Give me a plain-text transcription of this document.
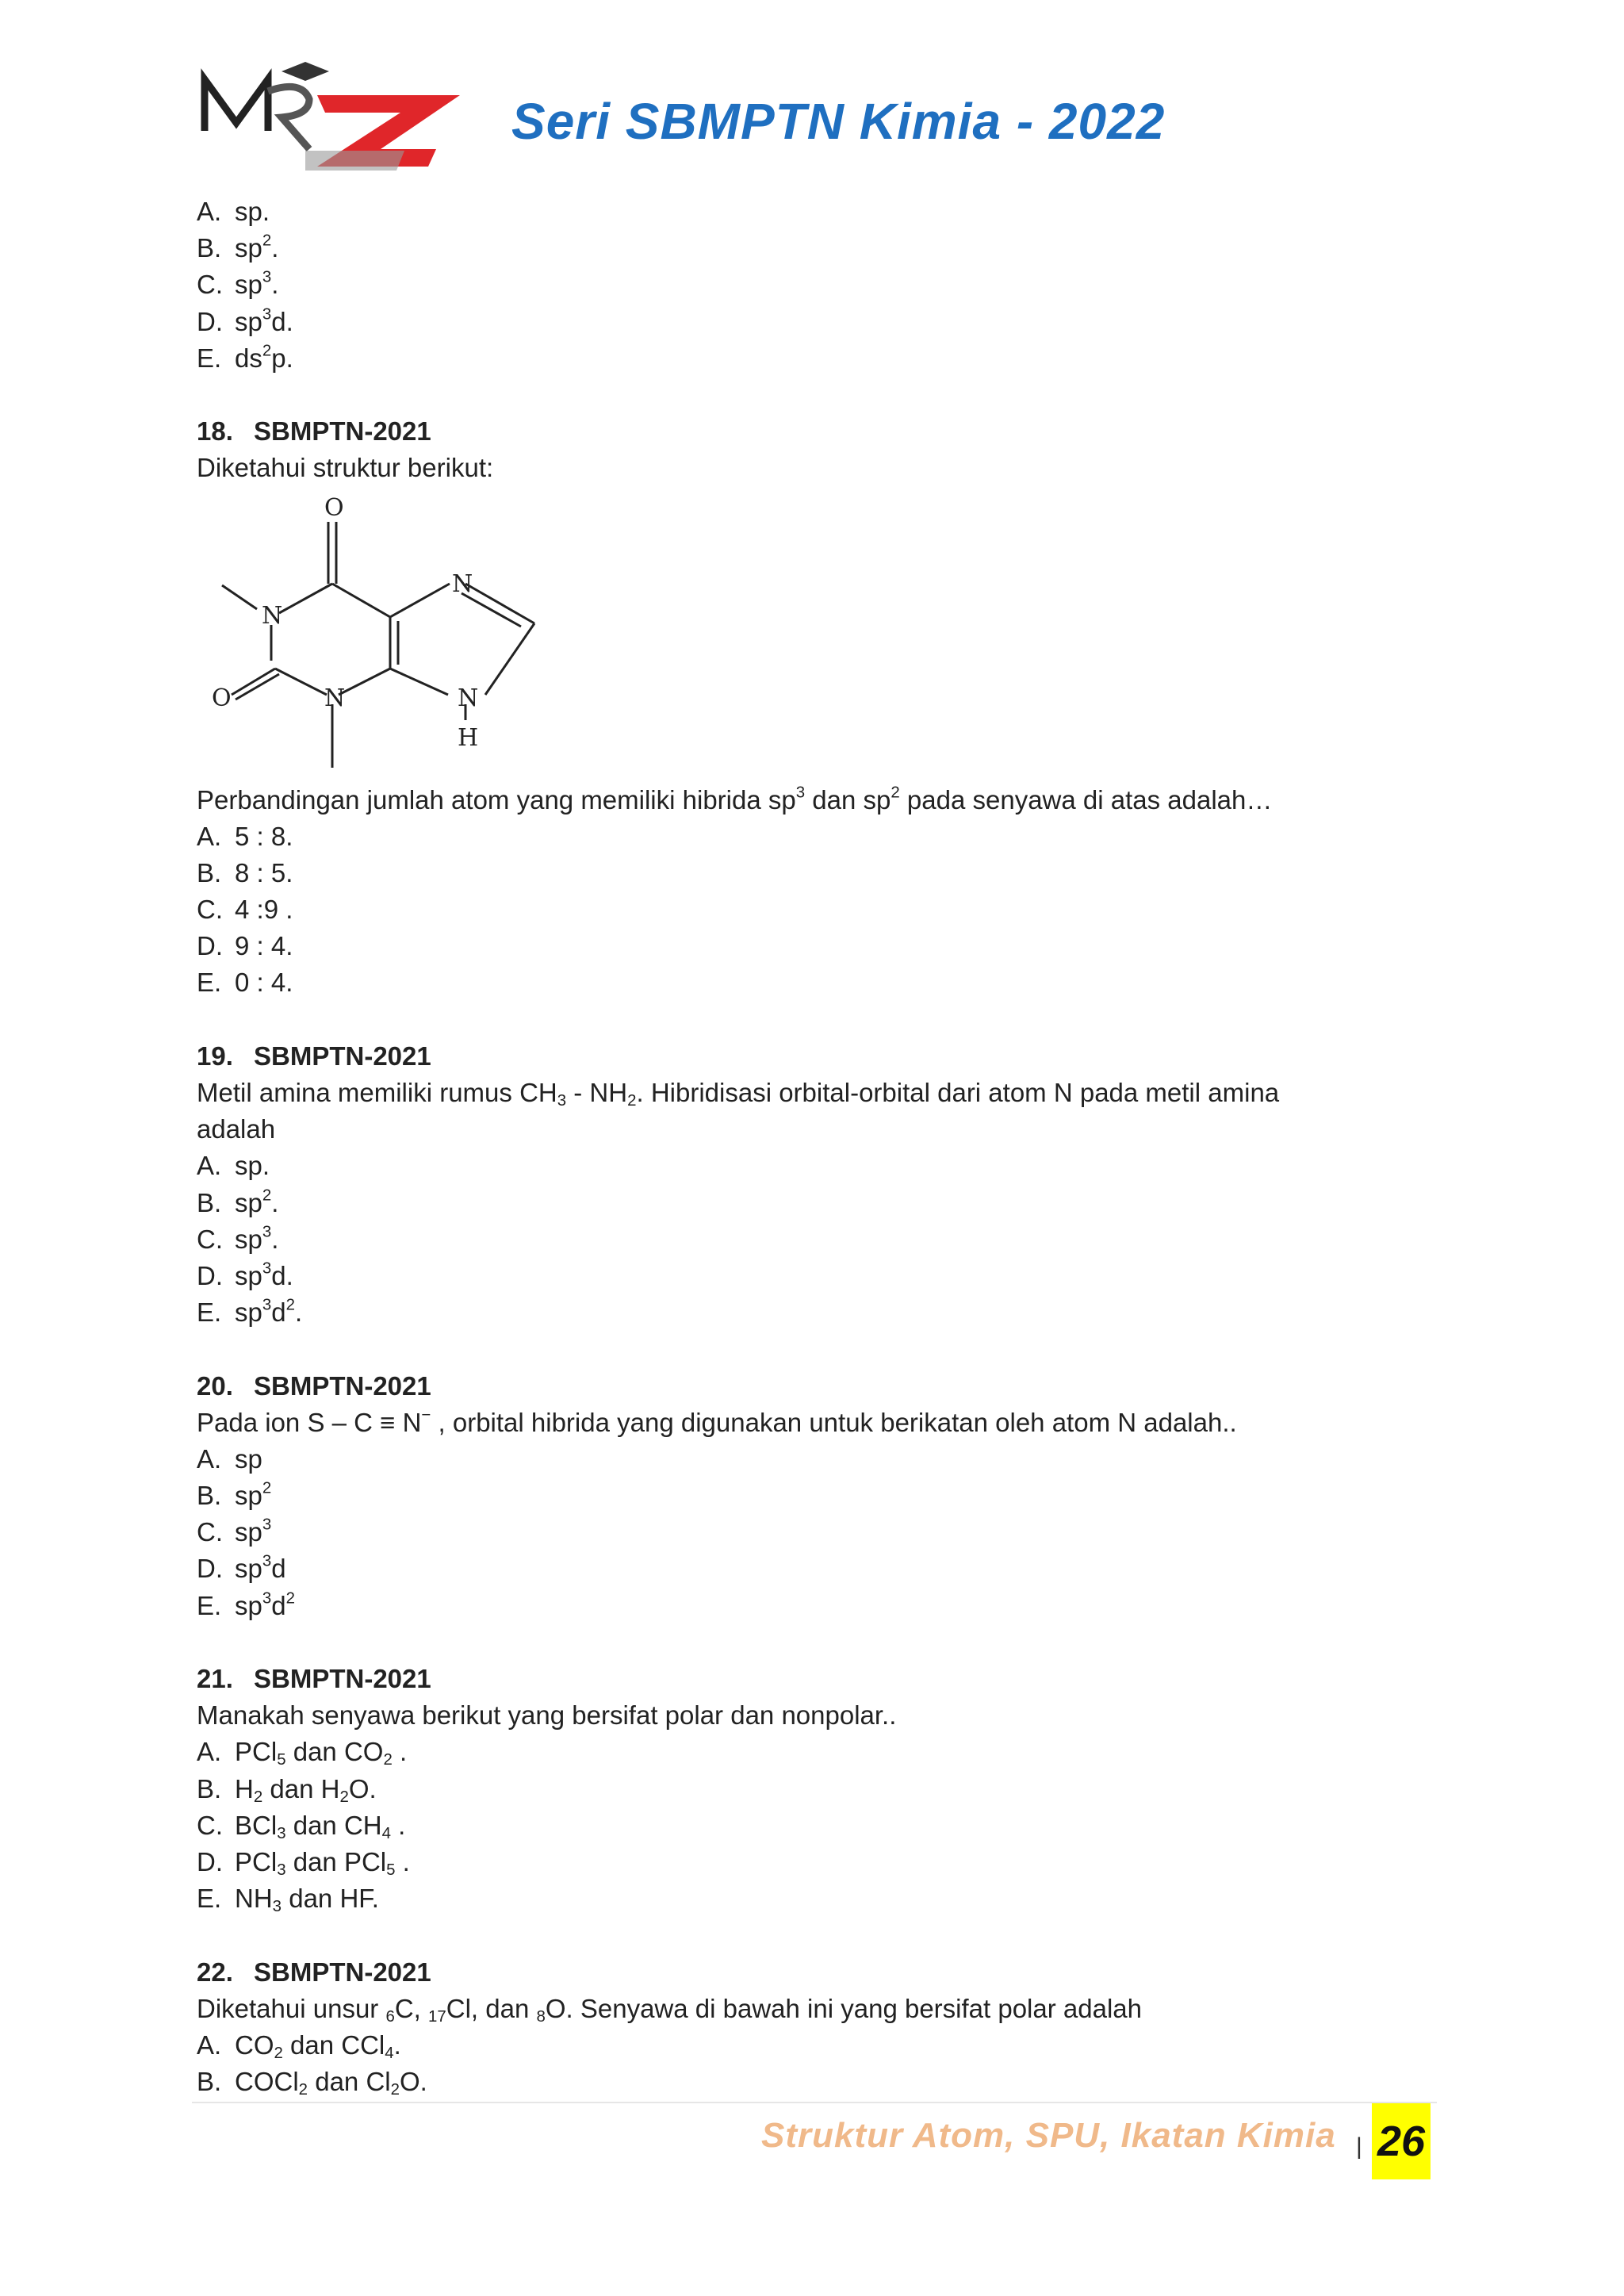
Seri SBMPTN Kimia - 2022
O
N
N
O
N
N
H
A. sp.
B. $sp^2$.
C. $sp^3$.
D. $sp^3d$.
E. $ds^2p$.
18. SBMPTN-2021
Diketahui struktur berikut:
Perbandingan jumlah atom yang memiliki hibrida $sp^3$ dan $sp^2$ pada senyawa di atas adalah…
A. 5 : 8.
B. 8 : 5.
C. 4 :9 .
D. 9 : 4.
E. 0 : 4.
19. SBMPTN-2021
Metil amina memiliki rumus $CH_3 - NH_2$. Hibridisasi orbital-orbital dari atom N pada metil amina
adalah
A. sp.
B. $sp^2$.
C. $sp^3$.
D. $sp^3d$.
E. $sp^3d^2$.
20. SBMPTN-2021
Pada ion S – C ≡ N− , orbital hibrida yang digunakan untuk berikatan oleh atom N adalah..
A. sp
B. $sp^2$
C. $sp^3$
D. $sp^3d$
E. $sp^3d^2$
21. SBMPTN-2021
Manakah senyawa berikut yang bersifat polar dan nonpolar..
A. PCl$_5$ dan $CO_2$ .
B. $H_2$ dan $H_2O$.
C. BCl$_3$ dan $CH_4$ .
D. PCl$_3$ dan PCl$_5$ .
E. $NH_3$ dan HF.
22. SBMPTN-2021
Diketahui unsur $_6$C, $_{17}$Cl, dan $_8$O. Senyawa di bawah ini yang bersifat polar adalah
A. $CO_2$ dan CCl$_4$.
B. COCl$_2$ dan $Cl_2O$.
Struktur Atom, SPU, Ikatan Kimia | 26
